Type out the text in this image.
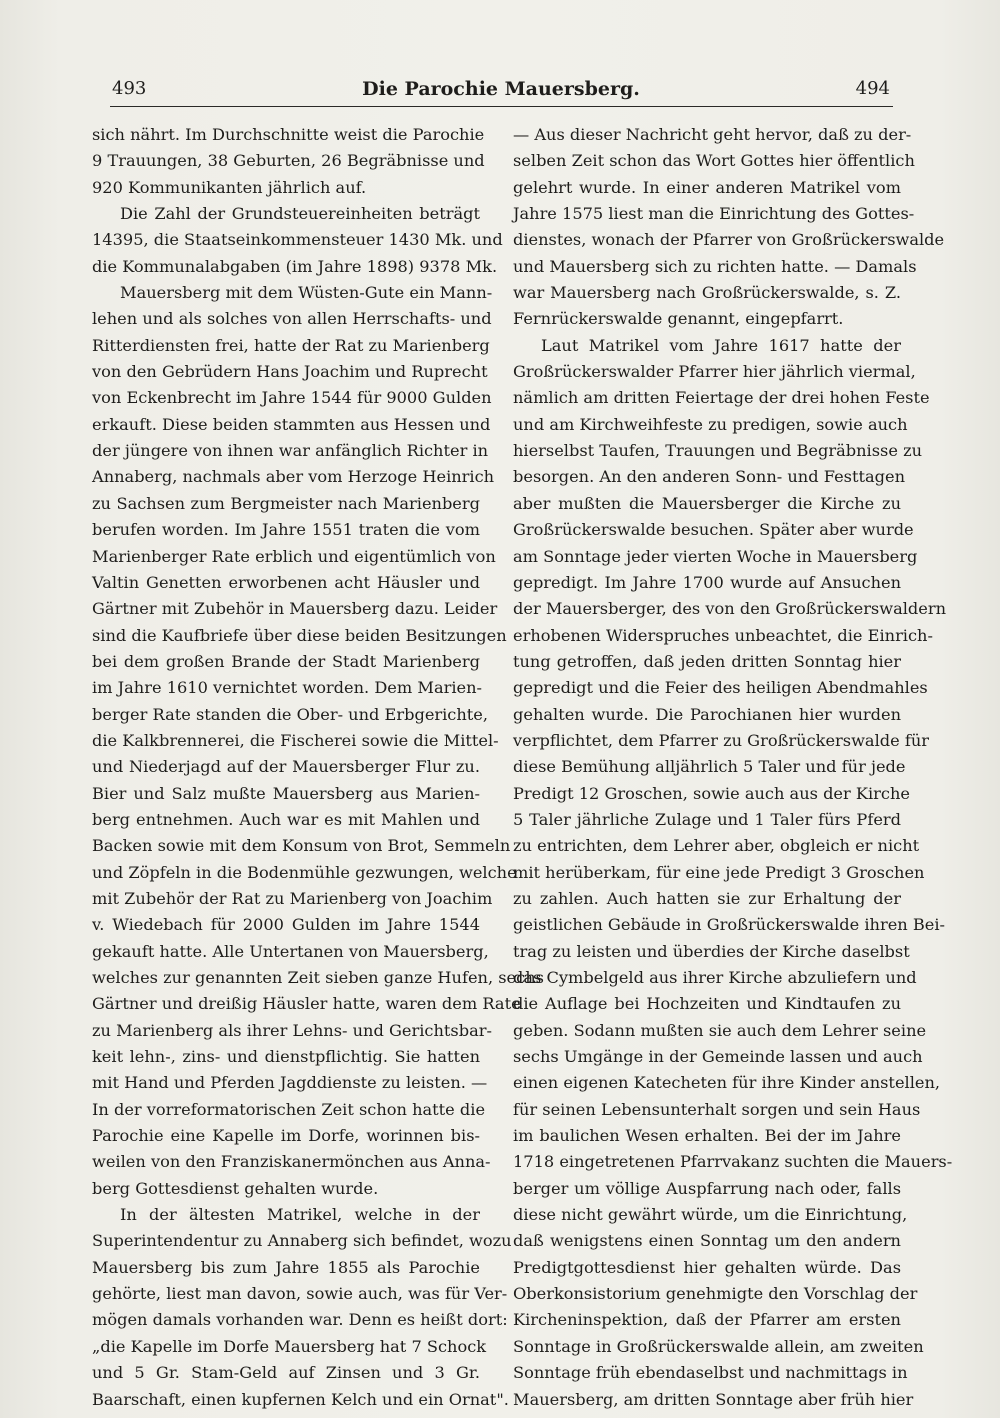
493	Die Parochie Mauersberg.	494
sich nährt. Im Durchschnitte weist die Parochie
9 Trauungen, 38 Geburten, 26 Begräbnisse und
920 Kommunikanten jährlich auf.
Die Zahl der Grundsteuereinheiten beträgt
14395, die Staatseinkommensteuer 1430 Mk. und
die Kommunalabgaben (im Jahre 1898) 9378 Mk.
Mauersberg mit dem Wüsten-Gute ein Mann-
lehen und als solches von allen Herrschafts- und
Ritterdiensten frei, hatte der Rat zu Marienberg
von den Gebrüdern Hans Joachim und Ruprecht
von Eckenbrecht im Jahre 1544 für 9000 Gulden
erkauft. Diese beiden stammten aus Hessen und
der jüngere von ihnen war anfänglich Richter in
Annaberg, nachmals aber vom Herzoge Heinrich
zu Sachsen zum Bergmeister nach Marienberg
berufen worden. Im Jahre 1551 traten die vom
Marienberger Rate erblich und eigentümlich von
Valtin Genetten erworbenen acht Häusler und
Gärtner mit Zubehör in Mauersberg dazu. Leider
sind die Kaufbriefe über diese beiden Besitzungen
bei dem großen Brande der Stadt Marienberg
im Jahre 1610 vernichtet worden. Dem Marien-
berger Rate standen die Ober- und Erbgerichte,
die Kalkbrennerei, die Fischerei sowie die Mittel-
und Niederjagd auf der Mauersberger Flur zu.
Bier und Salz mußte Mauersberg aus Marien-
berg entnehmen. Auch war es mit Mahlen und
Backen sowie mit dem Konsum von Brot, Semmeln
und Zöpfeln in die Bodenmühle gezwungen, welche
mit Zubehör der Rat zu Marienberg von Joachim
v. Wiedebach für 2000 Gulden im Jahre 1544
gekauft hatte. Alle Untertanen von Mauersberg,
welches zur genannten Zeit sieben ganze Hufen, sechs
Gärtner und dreißig Häusler hatte, waren dem Rate
zu Marienberg als ihrer Lehns- und Gerichtsbar-
keit lehn-, zins- und dienstpflichtig. Sie hatten
mit Hand und Pferden Jagddienste zu leisten. —
In der vorreformatorischen Zeit schon hatte die
Parochie eine Kapelle im Dorfe, worinnen bis-
weilen von den Franziskanermönchen aus Anna-
berg Gottesdienst gehalten wurde.
In der ältesten Matrikel, welche in der
Superintendentur zu Annaberg sich befindet, wozu
Mauersberg bis zum Jahre 1855 als Parochie
gehörte, liest man davon, sowie auch, was für Ver-
mögen damals vorhanden war. Denn es heißt dort:
„die Kapelle im Dorfe Mauersberg hat 7 Schock
und 5 Gr. Stam-Geld auf Zinsen und 3 Gr.
Baarschaft, einen kupfernen Kelch und ein Ornat".
— Aus dieser Nachricht geht hervor, daß zu der-
selben Zeit schon das Wort Gottes hier öffentlich
gelehrt wurde. In einer anderen Matrikel vom
Jahre 1575 liest man die Einrichtung des Gottes-
dienstes, wonach der Pfarrer von Großrückerswalde
und Mauersberg sich zu richten hatte. — Damals
war Mauersberg nach Großrückerswalde, s. Z.
Fernrückerswalde genannt, eingepfarrt.
Laut Matrikel vom Jahre 1617 hatte der
Großrückerswalder Pfarrer hier jährlich viermal,
nämlich am dritten Feiertage der drei hohen Feste
und am Kirchweihfeste zu predigen, sowie auch
hierselbst Taufen, Trauungen und Begräbnisse zu
besorgen. An den anderen Sonn- und Festtagen
aber mußten die Mauersberger die Kirche zu
Großrückerswalde besuchen. Später aber wurde
am Sonntage jeder vierten Woche in Mauersberg
gepredigt. Im Jahre 1700 wurde auf Ansuchen
der Mauersberger, des von den Großrückerswaldern
erhobenen Widerspruches unbeachtet, die Einrich-
tung getroffen, daß jeden dritten Sonntag hier
gepredigt und die Feier des heiligen Abendmahles
gehalten wurde. Die Parochianen hier wurden
verpflichtet, dem Pfarrer zu Großrückerswalde für
diese Bemühung alljährlich 5 Taler und für jede
Predigt 12 Groschen, sowie auch aus der Kirche
5 Taler jährliche Zulage und 1 Taler fürs Pferd
zu entrichten, dem Lehrer aber, obgleich er nicht
mit herüberkam, für eine jede Predigt 3 Groschen
zu zahlen. Auch hatten sie zur Erhaltung der
geistlichen Gebäude in Großrückerswalde ihren Bei-
trag zu leisten und überdies der Kirche daselbst
das Cymbelgeld aus ihrer Kirche abzuliefern und
die Auflage bei Hochzeiten und Kindtaufen zu
geben. Sodann mußten sie auch dem Lehrer seine
sechs Umgänge in der Gemeinde lassen und auch
einen eigenen Katecheten für ihre Kinder anstellen,
für seinen Lebensunterhalt sorgen und sein Haus
im baulichen Wesen erhalten. Bei der im Jahre
1718 eingetretenen Pfarrvakanz suchten die Mauers-
berger um völlige Auspfarrung nach oder, falls
diese nicht gewährt würde, um die Einrichtung,
daß wenigstens einen Sonntag um den andern
Predigtgottesdienst hier gehalten würde. Das
Oberkonsistorium genehmigte den Vorschlag der
Kircheninspektion, daß der Pfarrer am ersten
Sonntage in Großrückerswalde allein, am zweiten
Sonntage früh ebendaselbst und nachmittags in
Mauersberg, am dritten Sonntage aber früh hier
